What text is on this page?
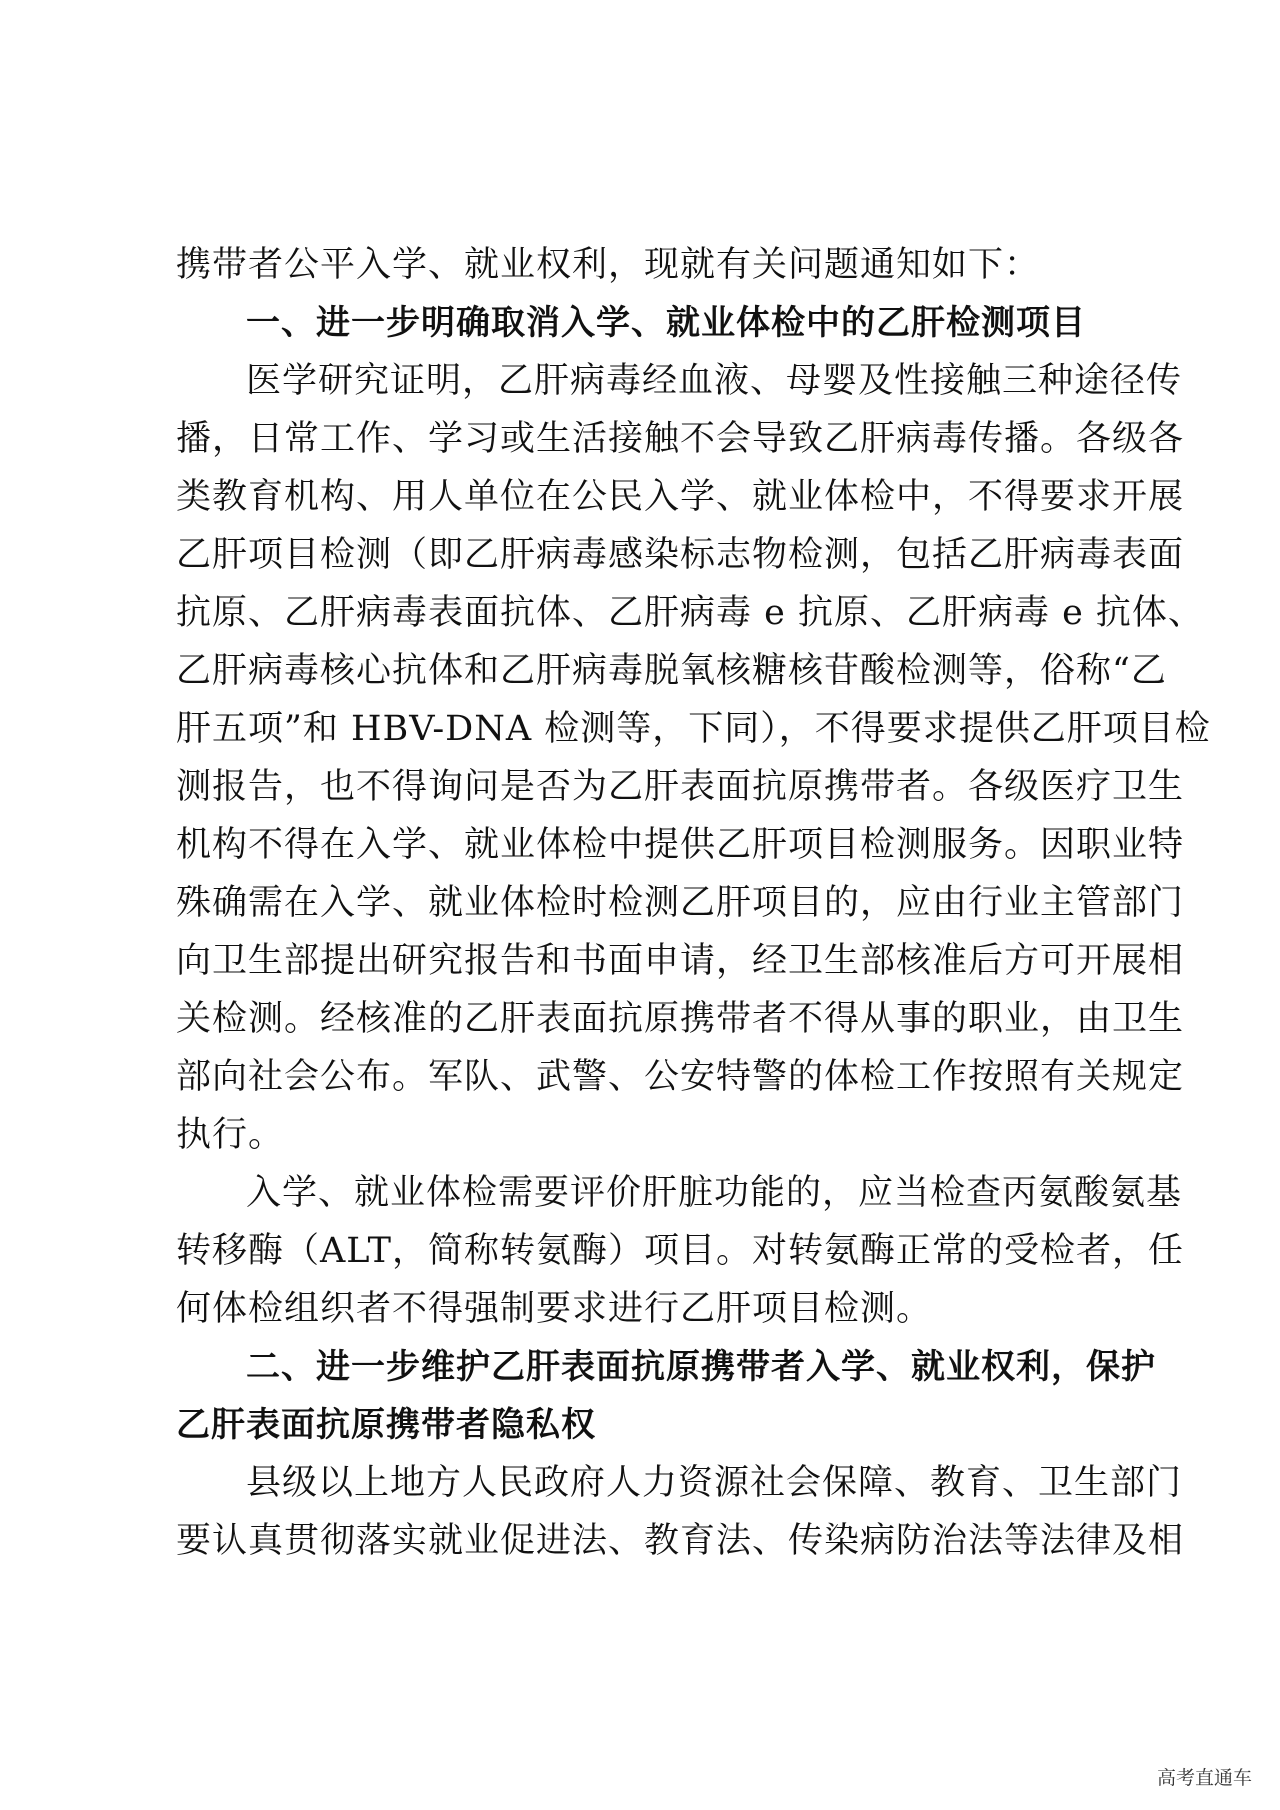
携带者公平入学、就业权利，现就有关问题通知如下：
一、进一步明确取消入学、就业体检中的乙肝检测项目
医学研究证明，乙肝病毒经血液、母婴及性接触三种途径传
播，日常工作、学习或生活接触不会导致乙肝病毒传播。各级各
类教育机构、用人单位在公民入学、就业体检中，不得要求开展
乙肝项目检测（即乙肝病毒感染标志物检测，包括乙肝病毒表面
抗原、乙肝病毒表面抗体、乙肝病毒 e 抗原、乙肝病毒 e 抗体、
乙肝病毒核心抗体和乙肝病毒脱氧核糖核苷酸检测等，俗称“乙
肝五项”和 HBV-DNA 检测等，下同），不得要求提供乙肝项目检
测报告，也不得询问是否为乙肝表面抗原携带者。各级医疗卫生
机构不得在入学、就业体检中提供乙肝项目检测服务。因职业特
殊确需在入学、就业体检时检测乙肝项目的，应由行业主管部门
向卫生部提出研究报告和书面申请，经卫生部核准后方可开展相
关检测。经核准的乙肝表面抗原携带者不得从事的职业，由卫生
部向社会公布。军队、武警、公安特警的体检工作按照有关规定
执行。
入学、就业体检需要评价肝脏功能的，应当检查丙氨酸氨基
转移酶（ALT，简称转氨酶）项目。对转氨酶正常的受检者，任
何体检组织者不得强制要求进行乙肝项目检测。
二、进一步维护乙肝表面抗原携带者入学、就业权利，保护
乙肝表面抗原携带者隐私权
县级以上地方人民政府人力资源社会保障、教育、卫生部门
要认真贯彻落实就业促进法、教育法、传染病防治法等法律及相
高考直通车
